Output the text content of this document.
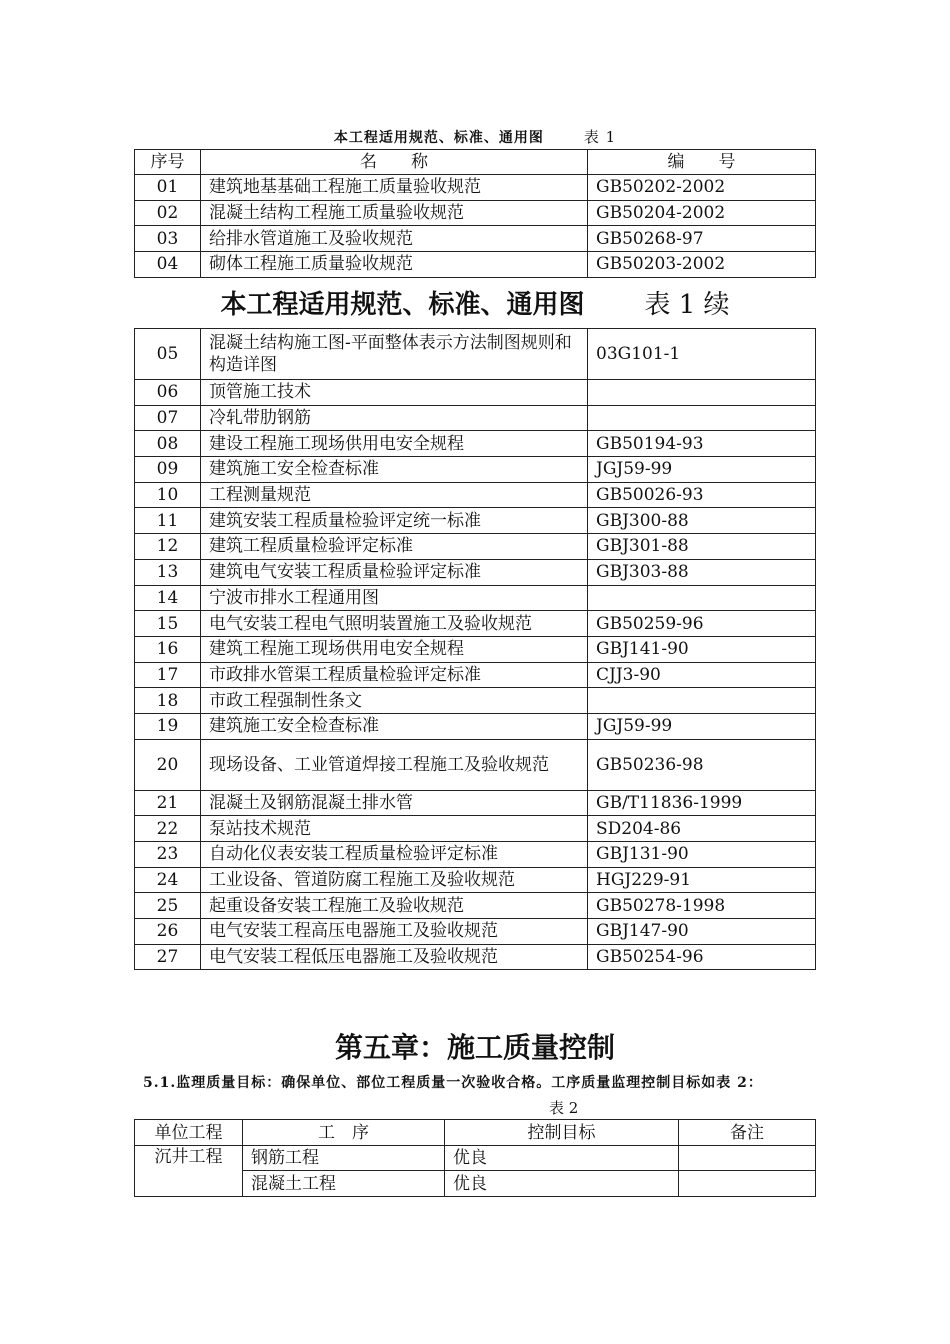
本工程适用规范、标准、通用图	表 1
序号	名　　称	编　　号
01	建筑地基基础工程施工质量验收规范	GB50202-2002
02	混凝土结构工程施工质量验收规范	GB50204-2002
03	给排水管道施工及验收规范	GB50268-97
04	砌体工程施工质量验收规范	GB50203-2002
本工程适用规范、标准、通用图 表 1 续
05	混凝土结构施工图-平面整体表示方法制图规则和构造详图	03G101-1
06	顶管施工技术	
07	冷轧带肋钢筋	
08	建设工程施工现场供用电安全规程	GB50194-93
09	建筑施工安全检查标准	JGJ59-99
10	工程测量规范	GB50026-93
11	建筑安装工程质量检验评定统一标准	GBJ300-88
12	建筑工程质量检验评定标准	GBJ301-88
13	建筑电气安装工程质量检验评定标准	GBJ303-88
14	宁波市排水工程通用图	
15	电气安装工程电气照明装置施工及验收规范	GB50259-96
16	建筑工程施工现场供用电安全规程	GBJ141-90
17	市政排水管渠工程质量检验评定标准	CJJ3-90
18	市政工程强制性条文	
19	建筑施工安全检查标准	JGJ59-99
20	现场设备、工业管道焊接工程施工及验收规范	GB50236-98
21	混凝土及钢筋混凝土排水管	GB/T11836-1999
22	泵站技术规范	SD204-86
23	自动化仪表安装工程质量检验评定标准	GBJ131-90
24	工业设备、管道防腐工程施工及验收规范	HGJ229-91
25	起重设备安装工程施工及验收规范	GB50278-1998
26	电气安装工程高压电器施工及验收规范	GBJ147-90
27	电气安装工程低压电器施工及验收规范	GB50254-96
第五章：施工质量控制
5.1.监理质量目标：确保单位、部位工程质量一次验收合格。工序质量监理控制目标如表 2：
表 2
单位工程	工　序	控制目标	备注
沉井工程	钢筋工程	优良	
	混凝土工程	优良	
